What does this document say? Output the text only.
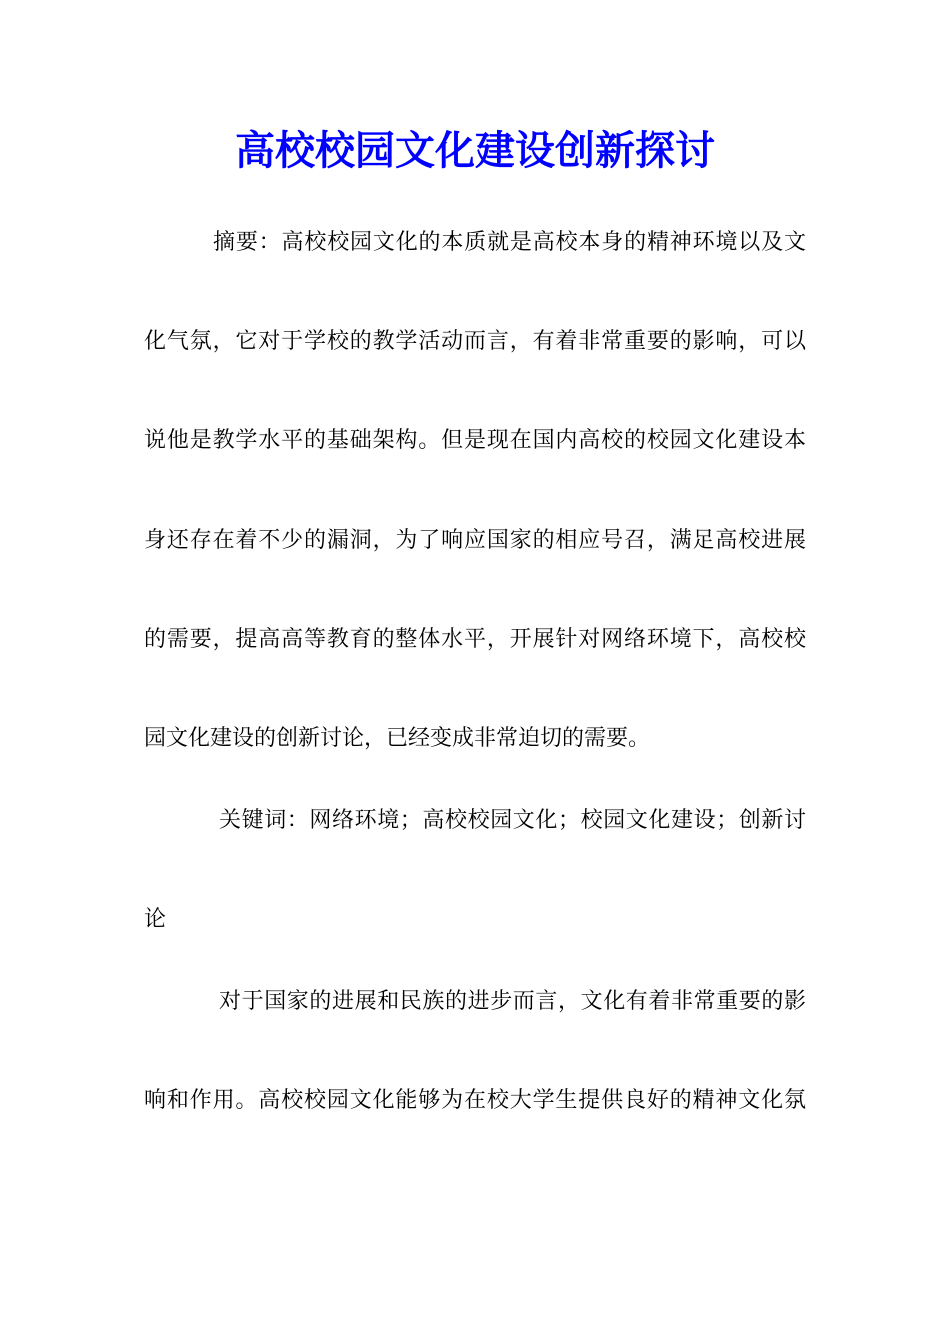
高校校园文化建设创新探讨
摘要：高校校园文化的本质就是高校本身的精神环境以及文
化气氛，它对于学校的教学活动而言，有着非常重要的影响，可以
说他是教学水平的基础架构。但是现在国内高校的校园文化建设本
身还存在着不少的漏洞，为了响应国家的相应号召，满足高校进展
的需要，提高高等教育的整体水平，开展针对网络环境下，高校校
园文化建设的创新讨论，已经变成非常迫切的需要。
关键词：网络环境；高校校园文化；校园文化建设；创新讨
论
对于国家的进展和民族的进步而言，文化有着非常重要的影
响和作用。高校校园文化能够为在校大学生提供良好的精神文化氛
